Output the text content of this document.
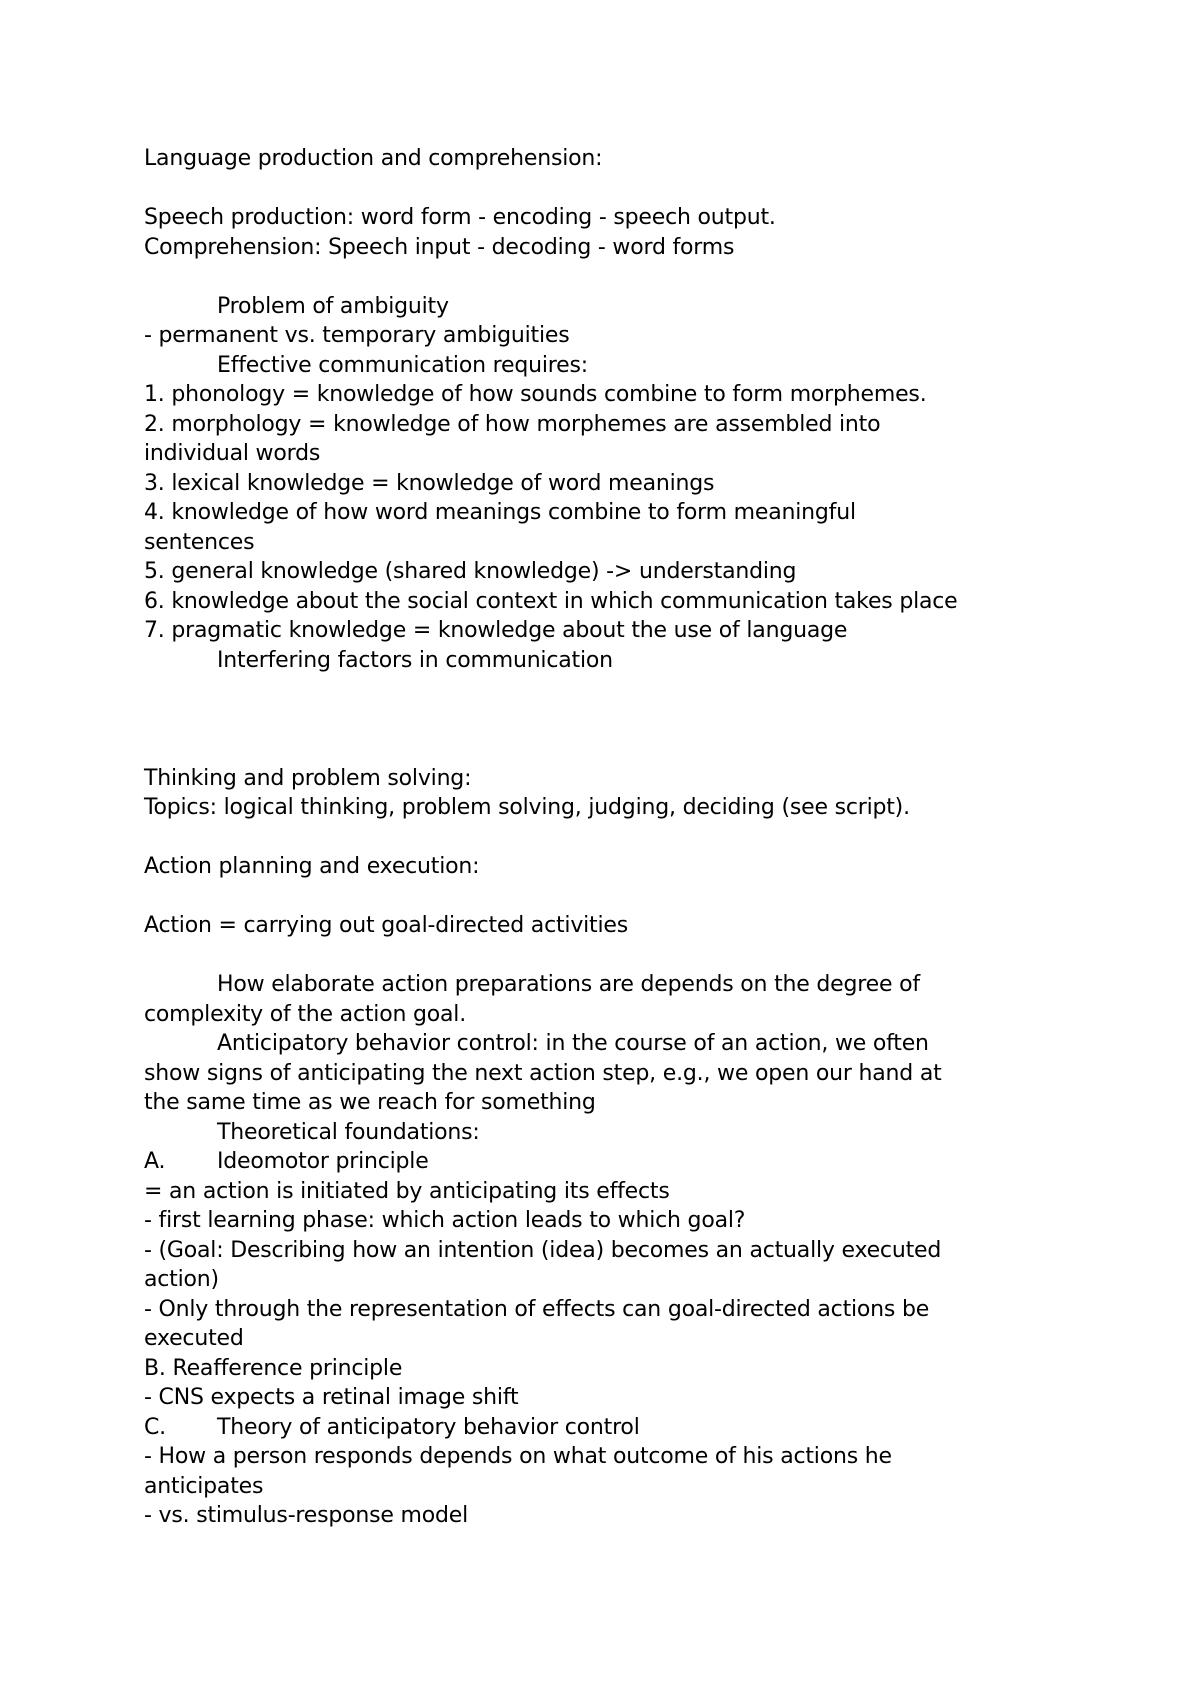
Language production and comprehension:
Speech production: word form - encoding - speech output.
Comprehension: Speech input - decoding - word forms
Problem of ambiguity
- permanent vs. temporary ambiguities
Effective communication requires:
1. phonology = knowledge of how sounds combine to form morphemes.
2. morphology = knowledge of how morphemes are assembled into
individual words
3. lexical knowledge = knowledge of word meanings
4. knowledge of how word meanings combine to form meaningful
sentences
5. general knowledge (shared knowledge) -> understanding
6. knowledge about the social context in which communication takes place
7. pragmatic knowledge = knowledge about the use of language
Interfering factors in communication
Thinking and problem solving:
Topics: logical thinking, problem solving, judging, deciding (see script).
Action planning and execution:
Action = carrying out goal-directed activities
How elaborate action preparations are depends on the degree of
complexity of the action goal.
Anticipatory behavior control: in the course of an action, we often
show signs of anticipating the next action step, e.g., we open our hand at
the same time as we reach for something
Theoretical foundations:
A. Ideomotor principle
= an action is initiated by anticipating its effects
- first learning phase: which action leads to which goal?
- (Goal: Describing how an intention (idea) becomes an actually executed
action)
- Only through the representation of effects can goal-directed actions be
executed
B. Reafference principle
- CNS expects a retinal image shift
C. Theory of anticipatory behavior control
- How a person responds depends on what outcome of his actions he
anticipates
- vs. stimulus-response model
